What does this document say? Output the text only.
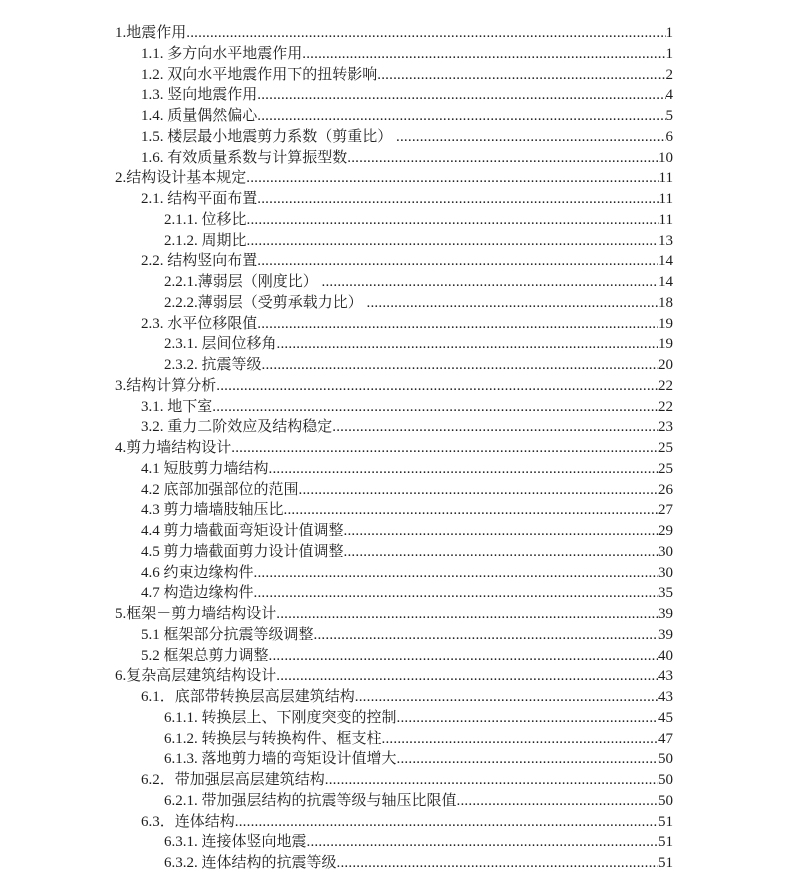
1.地震作用 .....	1
1.1. 多方向水平地震作用 .....	1
1.2. 双向水平地震作用下的扭转影响 .....	2
1.3. 竖向地震作用 .....	4
1.4. 质量偶然偏心 .....	5
1.5. 楼层最小地震剪力系数（剪重比） .....	6
1.6. 有效质量系数与计算振型数 .....	10
2.结构设计基本规定 .....	11
2.1. 结构平面布置 .....	11
2.1.1. 位移比 .....	11
2.1.2. 周期比 .....	13
2.2. 结构竖向布置 .....	14
2.2.1.薄弱层（刚度比） .....	14
2.2.2.薄弱层（受剪承载力比） .....	18
2.3. 水平位移限值 .....	19
2.3.1. 层间位移角 .....	19
2.3.2. 抗震等级 .....	20
3.结构计算分析 .....	22
3.1. 地下室 .....	22
3.2. 重力二阶效应及结构稳定 .....	23
4.剪力墙结构设计 .....	25
4.1 短肢剪力墙结构 .....	25
4.2 底部加强部位的范围 .....	26
4.3 剪力墙墙肢轴压比 .....	27
4.4 剪力墙截面弯矩设计值调整 .....	29
4.5 剪力墙截面剪力设计值调整 .....	30
4.6 约束边缘构件 .....	30
4.7 构造边缘构件 .....	35
5.框架－剪力墙结构设计 .....	39
5.1 框架部分抗震等级调整 .....	39
5.2 框架总剪力调整 .....	40
6.复杂高层建筑结构设计 .....	43
6.1．底部带转换层高层建筑结构 .....	43
6.1.1. 转换层上、下刚度突变的控制 .....	45
6.1.2. 转换层与转换构件、框支柱 .....	47
6.1.3. 落地剪力墙的弯矩设计值增大 .....	50
6.2．带加强层高层建筑结构 .....	50
6.2.1. 带加强层结构的抗震等级与轴压比限值 .....	50
6.3．连体结构 .....	51
6.3.1. 连接体竖向地震 .....	51
6.3.2. 连体结构的抗震等级 .....	51
